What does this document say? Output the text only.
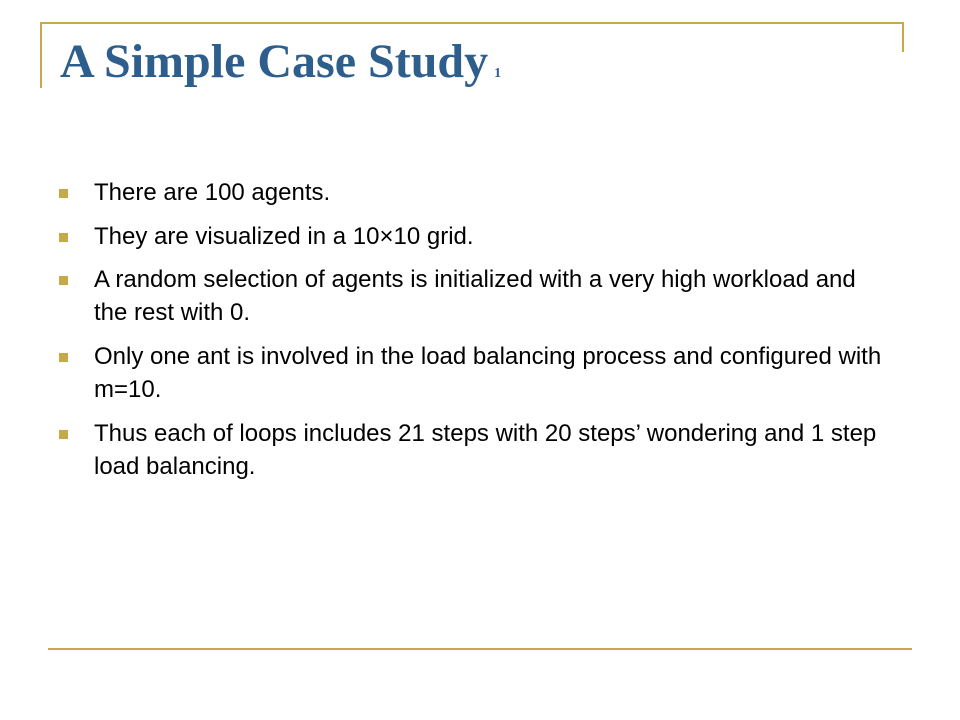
A Simple Case Study 1
There are 100 agents.
They are visualized in a 10×10 grid.
A random selection of agents is initialized with a very high workload and the rest with 0.
Only one ant is involved in the load balancing process and configured with m=10.
Thus each of loops includes 21 steps with 20 steps’ wondering and 1 step load balancing.
